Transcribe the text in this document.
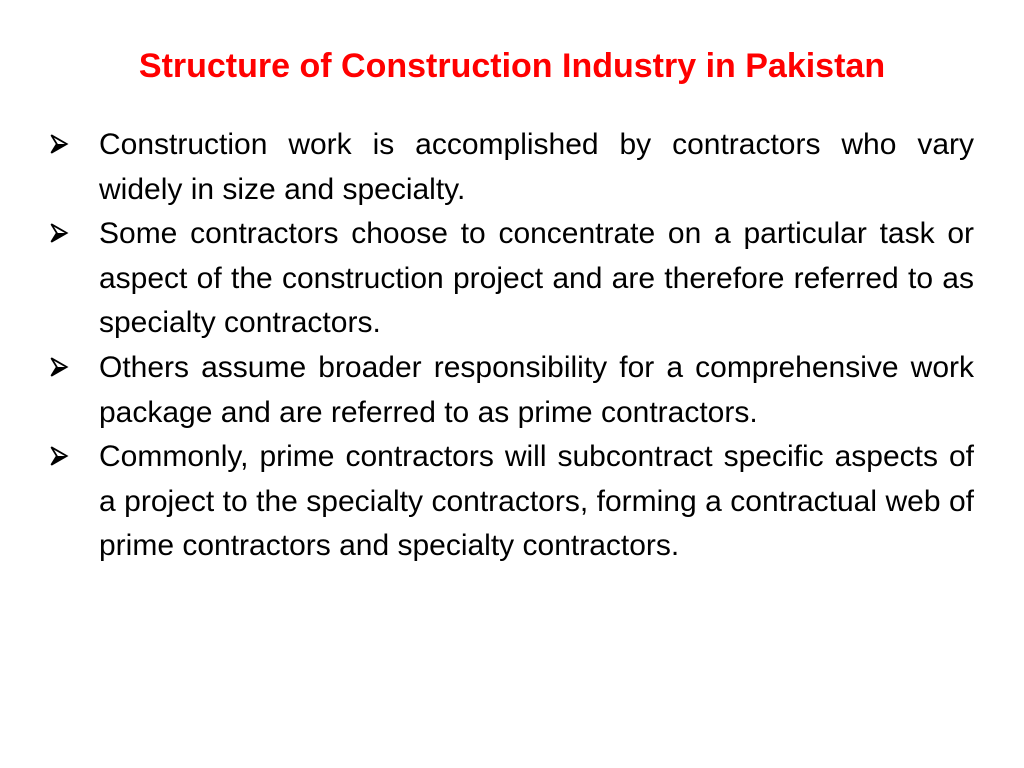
Structure of Construction Industry in Pakistan
Construction work is accomplished by contractors who vary widely in size and specialty.
Some contractors choose to concentrate on a particular task or aspect of the construction project and are therefore referred to as specialty contractors.
Others assume broader responsibility for a comprehensive work package and are referred to as prime contractors.
Commonly, prime contractors will subcontract specific aspects of a project to the specialty contractors, forming a contractual web of prime contractors and specialty contractors.
